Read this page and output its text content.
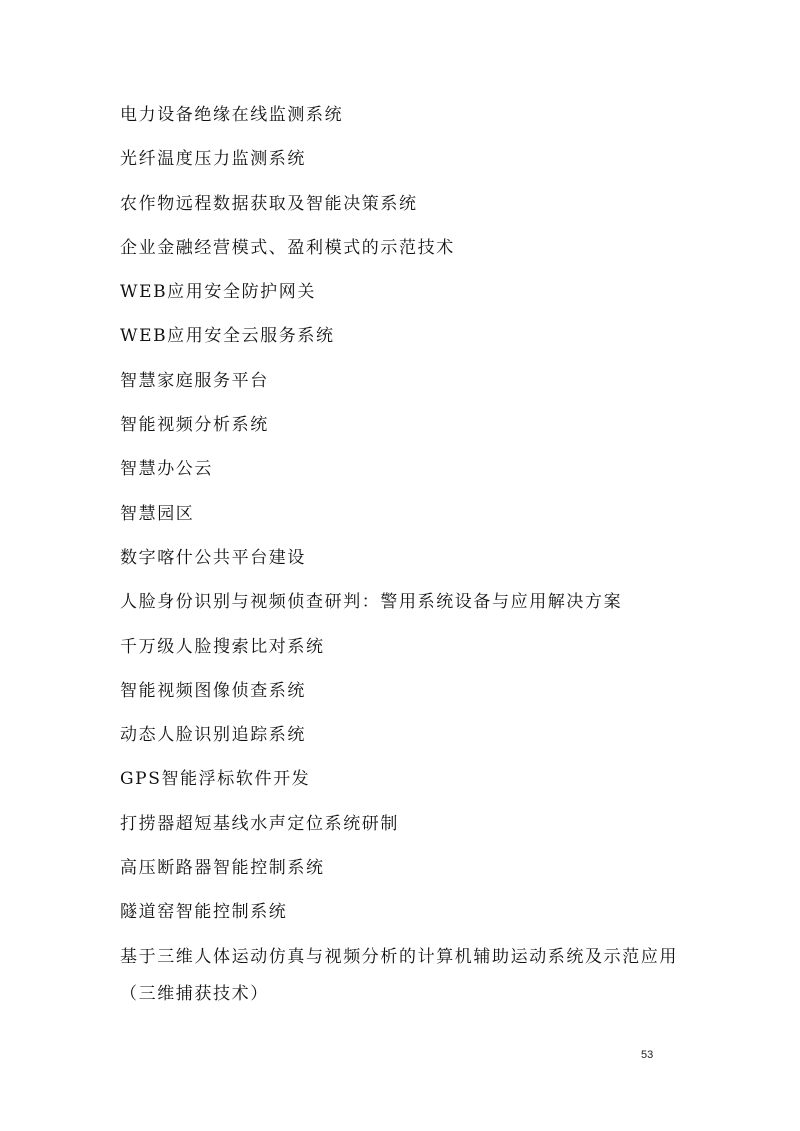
电力设备绝缘在线监测系统
光纤温度压力监测系统
农作物远程数据获取及智能决策系统
企业金融经营模式、盈利模式的示范技术
WEB应用安全防护网关
WEB应用安全云服务系统
智慧家庭服务平台
智能视频分析系统
智慧办公云
智慧园区
数字喀什公共平台建设
人脸身份识别与视频侦查研判：警用系统设备与应用解决方案
千万级人脸搜索比对系统
智能视频图像侦查系统
动态人脸识别追踪系统
GPS智能浮标软件开发
打捞器超短基线水声定位系统研制
高压断路器智能控制系统
隧道窑智能控制系统
基于三维人体运动仿真与视频分析的计算机辅助运动系统及示范应用（三维捕获技术）
53
